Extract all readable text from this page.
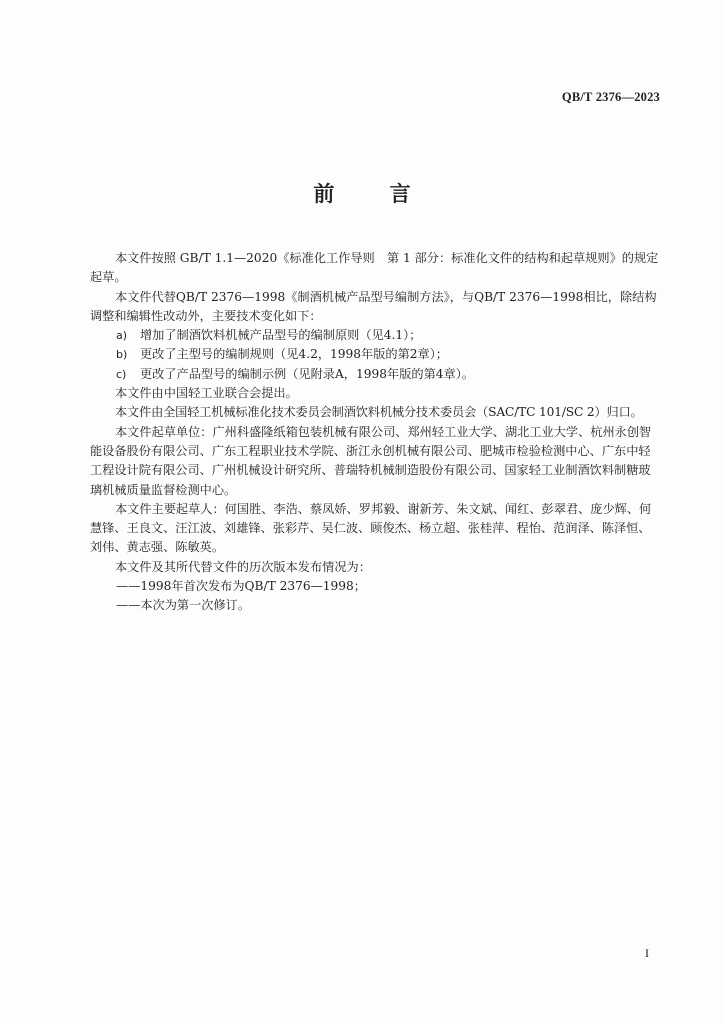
QB/T 2376—2023
前 言

本文件按照 GB/T 1.1—2020《标准化工作导则　第 1 部分：标准化文件的结构和起草规则》的规定起草。

本文件代替QB/T 2376—1998《制酒机械产品型号编制方法》，与QB/T 2376—1998相比，除结构调整和编辑性改动外，主要技术变化如下：

a)	增加了制酒饮料机械产品型号的编制原则（见4.1）；

b)	更改了主型号的编制规则（见4.2，1998年版的第2章）；

c)	更改了产品型号的编制示例（见附录A，1998年版的第4章）。

本文件由中国轻工业联合会提出。

本文件由全国轻工机械标准化技术委员会制酒饮料机械分技术委员会（SAC/TC 101/SC 2）归口。

本文件起草单位：广州科盛隆纸箱包装机械有限公司、郑州轻工业大学、湖北工业大学、杭州永创智能设备股份有限公司、广东工程职业技术学院、浙江永创机械有限公司、肥城市检验检测中心、广东中轻工程设计院有限公司、广州机械设计研究所、普瑞特机械制造股份有限公司、国家轻工业制酒饮料制糖玻璃机械质量监督检测中心。

本文件主要起草人：何国胜、李浩、蔡凤娇、罗邦毅、谢新芳、朱文斌、闻红、彭翠君、庞少辉、何慧锋、王良文、汪江波、刘雄锋、张彩芹、吴仁波、顾俊杰、杨立超、张桂萍、程怡、范润泽、陈泽恒、刘伟、黄志强、陈敏英。

本文件及其所代替文件的历次版本发布情况为：

——1998年首次发布为QB/T 2376—1998；

——本次为第一次修订。

I
